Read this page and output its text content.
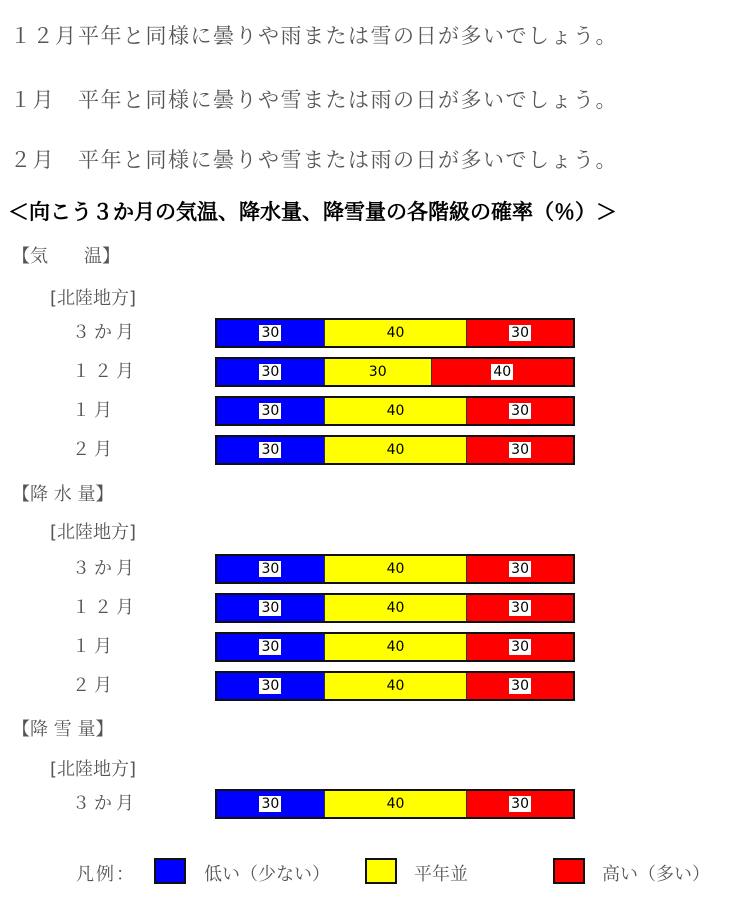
１２月平年と同様に曇りや雨または雪の日が多いでしょう。
１月 平年と同様に曇りや雪または雨の日が多いでしょう。
２月 平年と同様に曇りや雪または雨の日が多いでしょう。
＜向こう３か月の気温、降水量、降雪量の各階級の確率（％）＞
【気　　温】
[北陸地方]
３か月	30	40	30
１２月	30	30	40
１月	30	40	30
２月	30	40	30
【降 水 量】
[北陸地方]
３か月	30	40	30
１２月	30	40	30
１月	30	40	30
２月	30	40	30
【降 雪 量】
[北陸地方]
３か月	30	40	30
凡例：	低い（少ない）	平年並	高い（多い）
